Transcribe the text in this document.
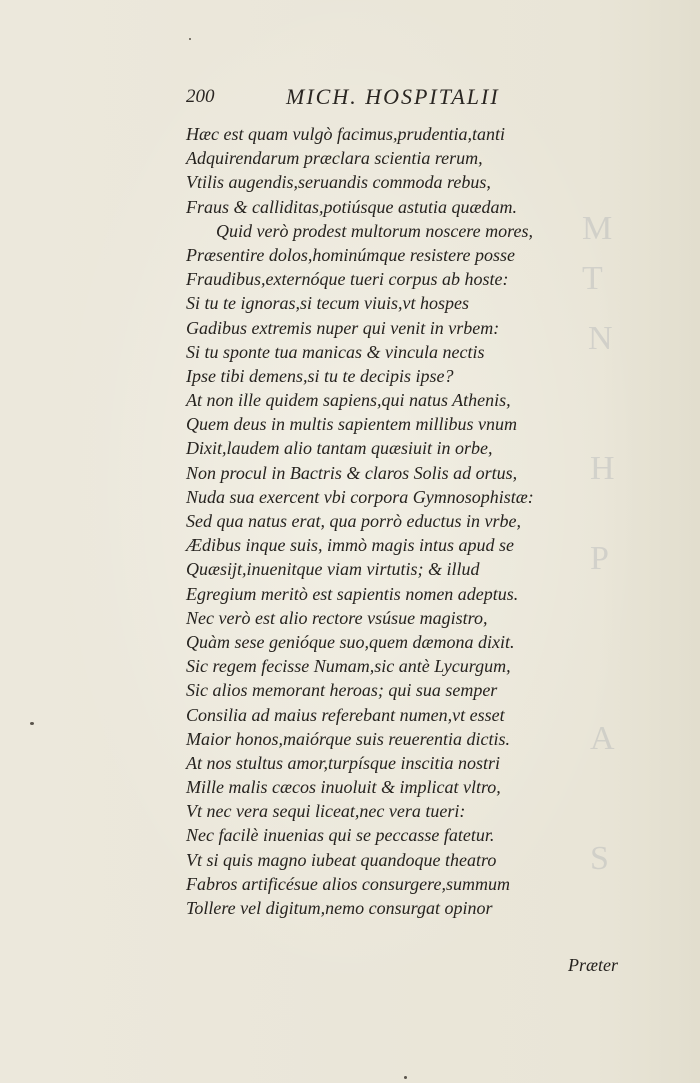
M
T
N
H
P
A
S
200	MICH. HOSPITALII
Hæc est quam vulgò facimus,prudentia,tanti
Adquirendarum præclara scientia rerum,
Vtilis augendis,seruandis commoda rebus,
Fraus & calliditas,potiúsque astutia quædam.
Quid verò prodest multorum noscere mores,
Præsentire dolos,hominúmque resistere posse
Fraudibus,externóque tueri corpus ab hoste:
Si tu te ignoras,si tecum viuis,vt hospes
Gadibus extremis nuper qui venit in vrbem:
Si tu sponte tua manicas & vincula nectis
Ipse tibi demens,si tu te decipis ipse?
At non ille quidem sapiens,qui natus Athenis,
Quem deus in multis sapientem millibus vnum
Dixit,laudem alio tantam quæsiuit in orbe,
Non procul in Bactris & claros Solis ad ortus,
Nuda sua exercent vbi corpora Gymnosophistæ:
Sed qua natus erat, qua porrò eductus in vrbe,
Ædibus inque suis, immò magis intus apud se
Quæsijt,inuenitque viam virtutis; & illud
Egregium meritò est sapientis nomen adeptus.
Nec verò est alio rectore vsúsue magistro,
Quàm sese genióque suo,quem dæmona dixit.
Sic regem fecisse Numam,sic antè Lycurgum,
Sic alios memorant heroas; qui sua semper
Consilia ad maius referebant numen,vt esset
Maior honos,maiórque suis reuerentia dictis.
At nos stultus amor,turpísque inscitia nostri
Mille malis cæcos inuoluit & implicat vltro,
Vt nec vera sequi liceat,nec vera tueri:
Nec facilè inuenias qui se peccasse fatetur.
Vt si quis magno iubeat quandoque theatro
Fabros artificésue alios consurgere,summum
Tollere vel digitum,nemo consurgat opinor
Præter
